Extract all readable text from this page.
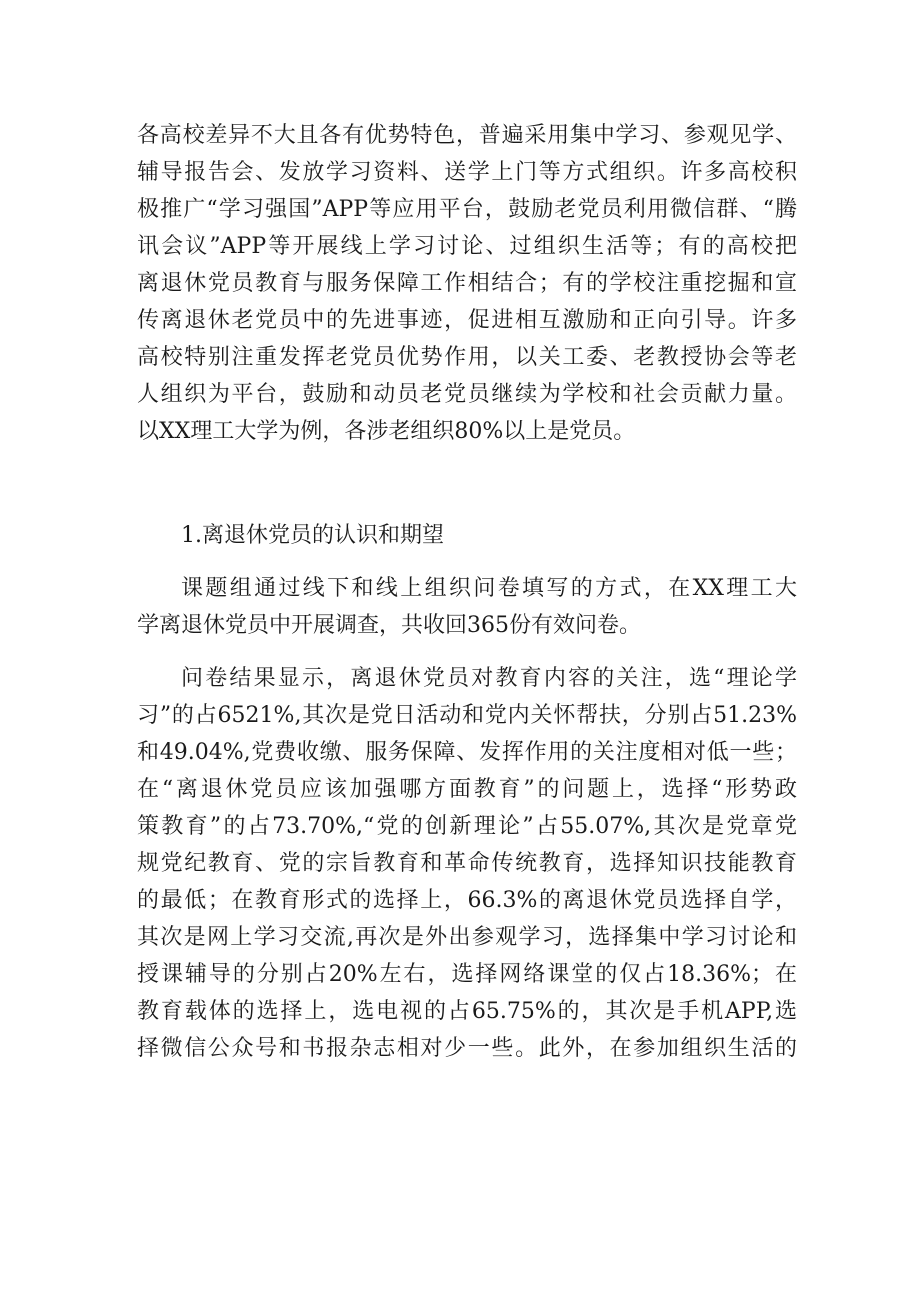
各高校差异不大且各有优势特色，普遍采用集中学习、参观见学、
辅导报告会、发放学习资料、送学上门等方式组织。许多高校积
极推广“学习强国”APP等应用平台，鼓励老党员利用微信群、“腾
讯会议”APP等开展线上学习讨论、过组织生活等；有的高校把
离退休党员教育与服务保障工作相结合；有的学校注重挖掘和宣
传离退休老党员中的先进事迹，促进相互激励和正向引导。许多
高校特别注重发挥老党员优势作用，以关工委、老教授协会等老
人组织为平台，鼓励和动员老党员继续为学校和社会贡献力量。
以XX理工大学为例，各涉老组织80%以上是党员。
1.离退休党员的认识和期望
课题组通过线下和线上组织问卷填写的方式，在XX理工大
学离退休党员中开展调查，共收回365份有效问卷。
问卷结果显示，离退休党员对教育内容的关注，选“理论学
习”的占6521%,其次是党日活动和党内关怀帮扶，分别占51.23%
和49.04%,党费收缴、服务保障、发挥作用的关注度相对低一些；
在“离退休党员应该加强哪方面教育”的问题上，选择“形势政
策教育”的占73.70%,“党的创新理论”占55.07%,其次是党章党
规党纪教育、党的宗旨教育和革命传统教育，选择知识技能教育
的最低；在教育形式的选择上，66.3%的离退休党员选择自学，
其次是网上学习交流,再次是外出参观学习，选择集中学习讨论和
授课辅导的分别占20%左右，选择网络课堂的仅占18.36%；在
教育载体的选择上，选电视的占65.75%的，其次是手机APP,选
择微信公众号和书报杂志相对少一些。此外，在参加组织生活的
